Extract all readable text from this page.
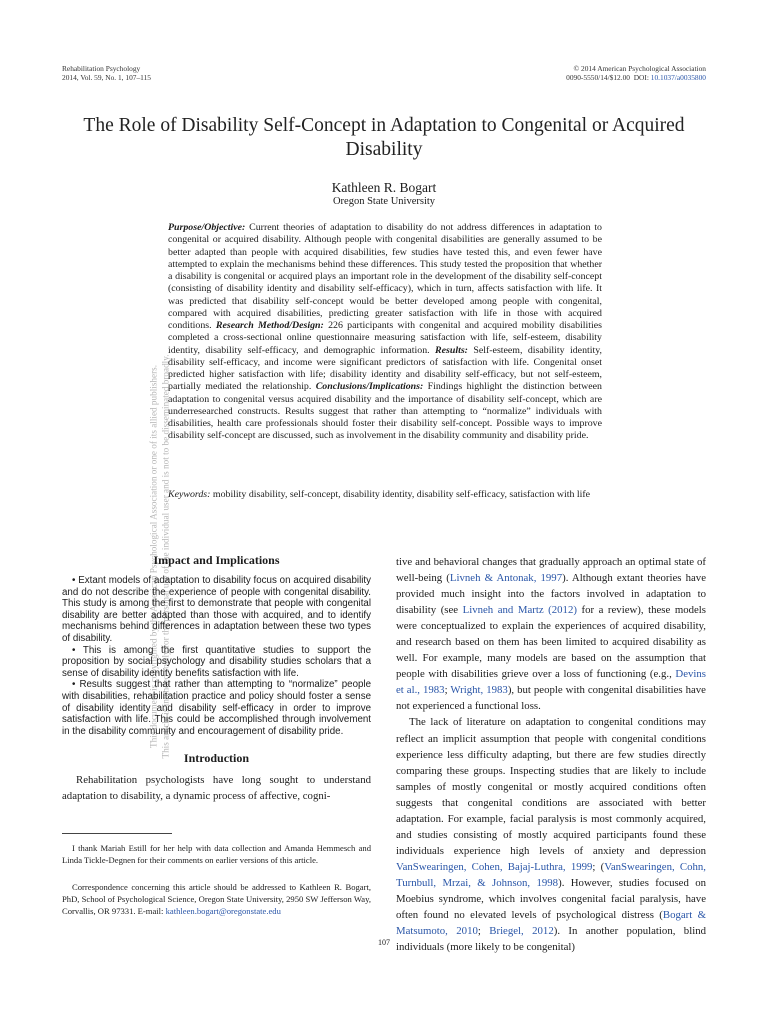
Rehabilitation Psychology
2014, Vol. 59, No. 1, 107–115
© 2014 American Psychological Association
0090-5550/14/$12.00 DOI: 10.1037/a0035800
The Role of Disability Self-Concept in Adaptation to Congenital or Acquired Disability
Kathleen R. Bogart
Oregon State University

Purpose/Objective: Current theories of adaptation to disability do not address differences in adaptation to congenital or acquired disability. Although people with congenital disabilities are generally assumed to be better adapted than people with acquired disabilities, few studies have tested this, and even fewer have attempted to explain the mechanisms behind these differences. This study tested the proposition that whether a disability is congenital or acquired plays an important role in the development of the disability self-concept (consisting of disability identity and disability self-efficacy), which in turn, affects satisfaction with life. It was predicted that disability self-concept would be better developed among people with congenital, compared with acquired disabilities, predicting greater satisfaction with life in those with acquired conditions. Research Method/Design: 226 participants with congenital and acquired mobility disabilities completed a cross-sectional online questionnaire measuring satisfaction with life, self-esteem, disability identity, disability self-efficacy, and demographic information. Results: Self-esteem, disability identity, disability self-efficacy, and income were significant predictors of satisfaction with life. Congenital onset predicted higher satisfaction with life; disability identity and disability self-efficacy, but not self-esteem, partially mediated the relationship. Conclusions/Implications: Findings highlight the distinction between adaptation to congenital versus acquired disability and the importance of disability self-concept, which are underresearched constructs. Results suggest that rather than attempting to “normalize” individuals with disabilities, health care professionals should foster their disability self-concept. Possible ways to improve disability self-concept are discussed, such as involvement in the disability community and disability pride.

Keywords: mobility disability, self-concept, disability identity, disability self-efficacy, satisfaction with life

This document is copyrighted by the American Psychological Association or one of its allied publishers. This article is intended solely for the personal use of the individual user and is not to be disseminated broadly.
Impact and Implications

• Extant models of adaptation to disability focus on acquired disability and do not describe the experience of people with congenital disability. This study is among the first to demonstrate that people with congenital disability are better adapted than those with acquired, and to identify mechanisms behind differences in adaptation between these two types of disability.

• This is among the first quantitative studies to support the proposition by social psychology and disability studies scholars that a sense of disability identity benefits satisfaction with life.

• Results suggest that rather than attempting to “normalize” people with disabilities, rehabilitation practice and policy should foster a sense of disability identity and disability self-efficacy in order to improve satisfaction with life. This could be accomplished through involvement in the disability community and encouragement of disability pride.

Introduction

Rehabilitation psychologists have long sought to understand adaptation to disability, a dynamic process of affective, cogni-

I thank Mariah Estill for her help with data collection and Amanda Hemmesch and Linda Tickle-Degnen for their comments on earlier versions of this article.

Correspondence concerning this article should be addressed to Kathleen R. Bogart, PhD, School of Psychological Science, Oregon State University, 2950 SW Jefferson Way, Corvallis, OR 97331. E-mail: kathleen.bogart@oregonstate.edu

tive and behavioral changes that gradually approach an optimal state of well-being (Livneh & Antonak, 1997). Although extant theories have provided much insight into the factors involved in adaptation to disability (see Livneh and Martz (2012) for a review), these models were conceptualized to explain the experiences of acquired disability, and research based on them has been limited to acquired disability as well. For example, many models are based on the assumption that people with disabilities grieve over a loss of functioning (e.g., Devins et al., 1983; Wright, 1983), but people with congenital disabilities have not experienced a functional loss.

The lack of literature on adaptation to congenital conditions may reflect an implicit assumption that people with congenital conditions experience less difficulty adapting, but there are few studies directly comparing these groups. Inspecting studies that are likely to include samples of mostly congenital or mostly acquired conditions often suggests that congenital conditions are associated with better adaptation. For example, facial paralysis is most commonly acquired, and studies consisting of mostly acquired participants found these individuals experience high levels of anxiety and depression VanSwearingen, Cohen, Bajaj-Luthra, 1999; (VanSwearingen, Cohn, Turnbull, Mrzai, & Johnson, 1998). However, studies focused on Moebius syndrome, which involves congenital facial paralysis, have often found no elevated levels of psychological distress (Bogart & Matsumoto, 2010; Briegel, 2012). In another population, blind individuals (more likely to be congenital)

107
